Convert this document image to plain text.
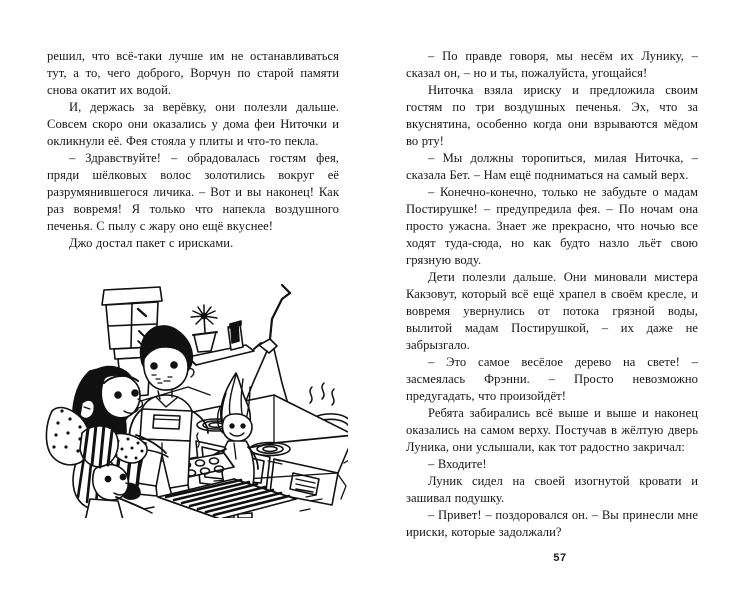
решил, что всё-таки лучше им не останавливаться тут, а то, чего доброго, Ворчун по старой памяти снова окатит их водой.

И, держась за верёвку, они полезли дальше. Совсем скоро они оказались у дома феи Ниточки и окликнули её. Фея стояла у плиты и что-то пекла.

– Здравствуйте! – обрадовалась гостям фея, пряди шёлковых волос золотились вокруг её разрумянившегося личика. – Вот и вы наконец! Как раз вовремя! Я только что напекла воздушного печенья. С пылу с жару оно ещё вкуснее!

Джо достал пакет с ирисками.

– По правде говоря, мы несём их Лунику, – сказал он, – но и ты, пожалуйста, угощайся!

Ниточка взяла ириску и предложила своим гостям по три воздушных печенья. Эх, что за вкуснятина, особенно когда они взрываются мёдом во рту!

– Мы должны торопиться, милая Ниточка, – сказала Бет. – Нам ещё подниматься на самый верх.

– Конечно-конечно, только не забудьте о мадам Постирушке! – предупредила фея. – По ночам она просто ужасна. Знает же прекрасно, что ночью все ходят туда-сюда, но как будто назло льёт свою грязную воду.

Дети полезли дальше. Они миновали мистера Какзовут, который всё ещё храпел в своём кресле, и вовремя увернулись от потока грязной воды, вылитой мадам Постирушкой, – их даже не забрызгало.

– Это самое весёлое дерево на свете! – засмеялась Фрэнни. – Просто невозможно предугадать, что произойдёт!

Ребята забирались всё выше и выше и наконец оказались на самом верху. Постучав в жёлтую дверь Луника, они услышали, как тот радостно закричал:

– Входите!

Луник сидел на своей изогнутой кровати и зашивал подушку.

– Привет! – поздоровался он. – Вы принесли мне ириски, которые задолжали?

57
